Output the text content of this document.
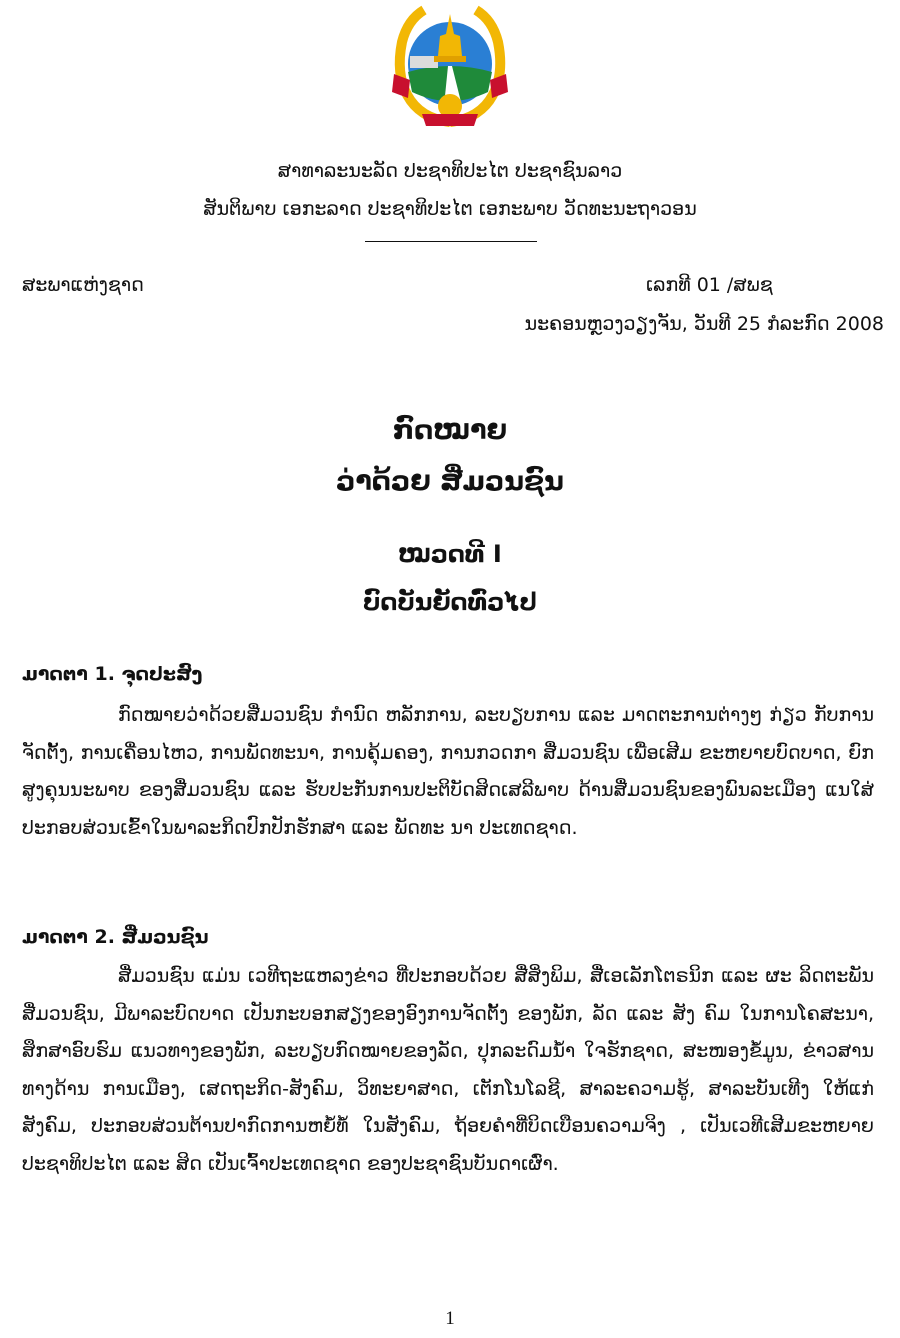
ສາທາລະນະລັດ ປະຊາທິປະໄຕ ປະຊາຊົນລາວ
ສັນຕິພາບ ເອກະລາດ ປະຊາທິປະໄຕ ເອກະພາບ ວັດທະນະຖາວອນ
ສະພາແຫ່ງຊາດ	ເລກທີ 01 /ສພຊ
ນະຄອນຫຼວງວຽງຈັນ, ວັນທີ 25 ກໍລະກົດ 2008
ກົດໝາຍ
ວ່າດ້ວຍ ສື່ມວນຊົນ
ໝວດທີ I
ບົດບັນຍັດທົ່ວໄປ
ມາດຕາ 1. ຈຸດປະສົງ

ກົດໝາຍວ່າດ້ວຍສື່ມວນຊົນ ກໍານົດ ຫລັກການ, ລະບຽບການ ແລະ ມາດຕະການຕ່າງໆ ກ່ຽວ ກັບການຈັດຕັ້ງ, ການເຄື່ອນໄຫວ, ການພັດທະນາ, ການຄຸ້ມຄອງ, ການກວດກາ ສື່ມວນຊົນ ເພື່ອເສີມ ຂະຫຍາຍບົດບາດ, ຍົກສູງຄຸນນະພາບ ຂອງສື່ມວນຊົນ ແລະ ຮັບປະກັນການປະຕິບັດສິດເສລີພາບ ດ້ານສື່ມວນຊົນຂອງພົນລະເມືອງ ແນໃສ່ປະກອບສ່ວນເຂົ້າໃນພາລະກິດປົກປັກຮັກສາ ແລະ ພັດທະ ນາ ປະເທດຊາດ.

ມາດຕາ 2. ສື່ມວນຊົນ

ສື່ມວນຊົນ ແມ່ນ ເວທີຖະແຫລງຂ່າວ ທີ່ປະກອບດ້ວຍ ສື່ສິ່ງພິມ, ສື່ເອເລັກໂຕຣນິກ ແລະ ຜະ ລິດຕະພັນສື່ມວນຊົນ, ມີພາລະບົດບາດ ເປັນກະບອກສຽງຂອງອົງການຈັດຕັ້ງ ຂອງພັກ, ລັດ ແລະ ສັງ ຄົມ ໃນການໂຄສະນາ, ສຶກສາອົບຮົມ ແນວທາງຂອງພັກ, ລະບຽບກົດໝາຍຂອງລັດ, ປຸກລະດົມນ້ຳ ໃຈຮັກຊາດ, ສະໜອງຂໍ້ມູນ, ຂ່າວສານທາງດ້ານ ການເມືອງ, ເສດຖະກິດ-ສັງຄົມ, ວິທະຍາສາດ, ເຕັກໂນໂລຊີ, ສາລະຄວາມຮູ້, ສາລະບັນເທີງ ໃຫ້ແກ່ສັງຄົມ, ປະກອບສ່ວນຕ້ານປາກົດການຫຍໍ້ທໍ້ ໃນສັງຄົມ, ຖ້ອຍຄໍາທີ່ບິດເບືອນຄວາມຈິງ , ເປັນເວທີເສີມຂະຫຍາຍປະຊາທິປະໄຕ ແລະ ສິດ ເປັນເຈົ້າປະເທດຊາດ ຂອງປະຊາຊົນບັນດາເຜົ່າ.

1
